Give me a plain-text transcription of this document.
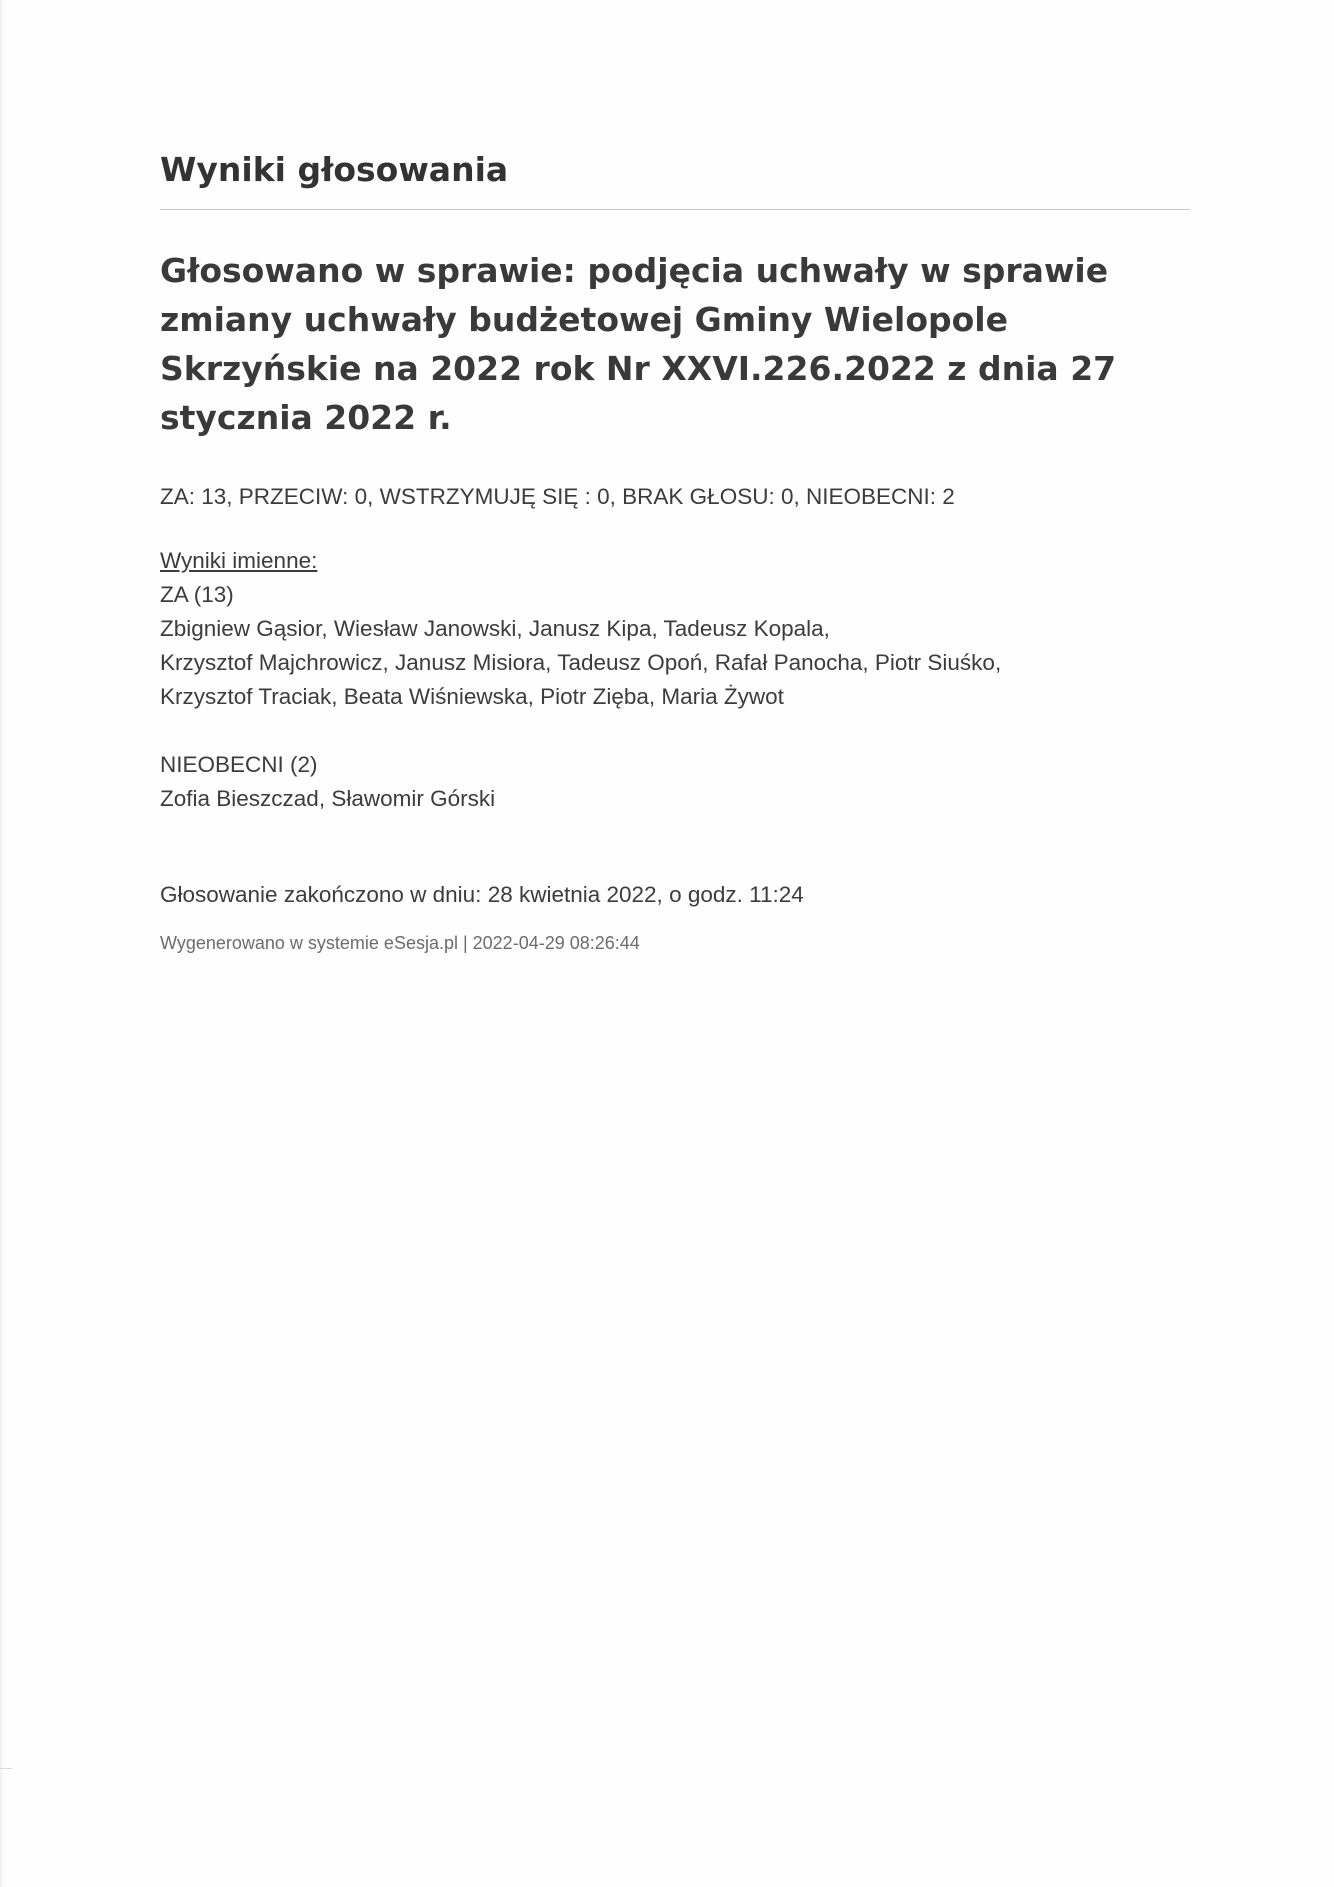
Wyniki głosowania
Głosowano w sprawie: podjęcia uchwały w sprawie zmiany uchwały budżetowej Gminy Wielopole Skrzyńskie na 2022 rok Nr XXVI.226.2022 z dnia 27 stycznia 2022 r.
ZA: 13, PRZECIW: 0, WSTRZYMUJĘ SIĘ : 0, BRAK GŁOSU: 0, NIEOBECNI: 2
Wyniki imienne:
ZA (13)
Zbigniew Gąsior, Wiesław Janowski, Janusz Kipa, Tadeusz Kopala,
Krzysztof Majchrowicz, Janusz Misiora, Tadeusz Opoń, Rafał Panocha, Piotr Siuśko,
Krzysztof Traciak, Beata Wiśniewska, Piotr Zięba, Maria Żywot
NIEOBECNI (2)
Zofia Bieszczad, Sławomir Górski
Głosowanie zakończono w dniu: 28 kwietnia 2022, o godz. 11:24
Wygenerowano w systemie eSesja.pl | 2022-04-29 08:26:44
